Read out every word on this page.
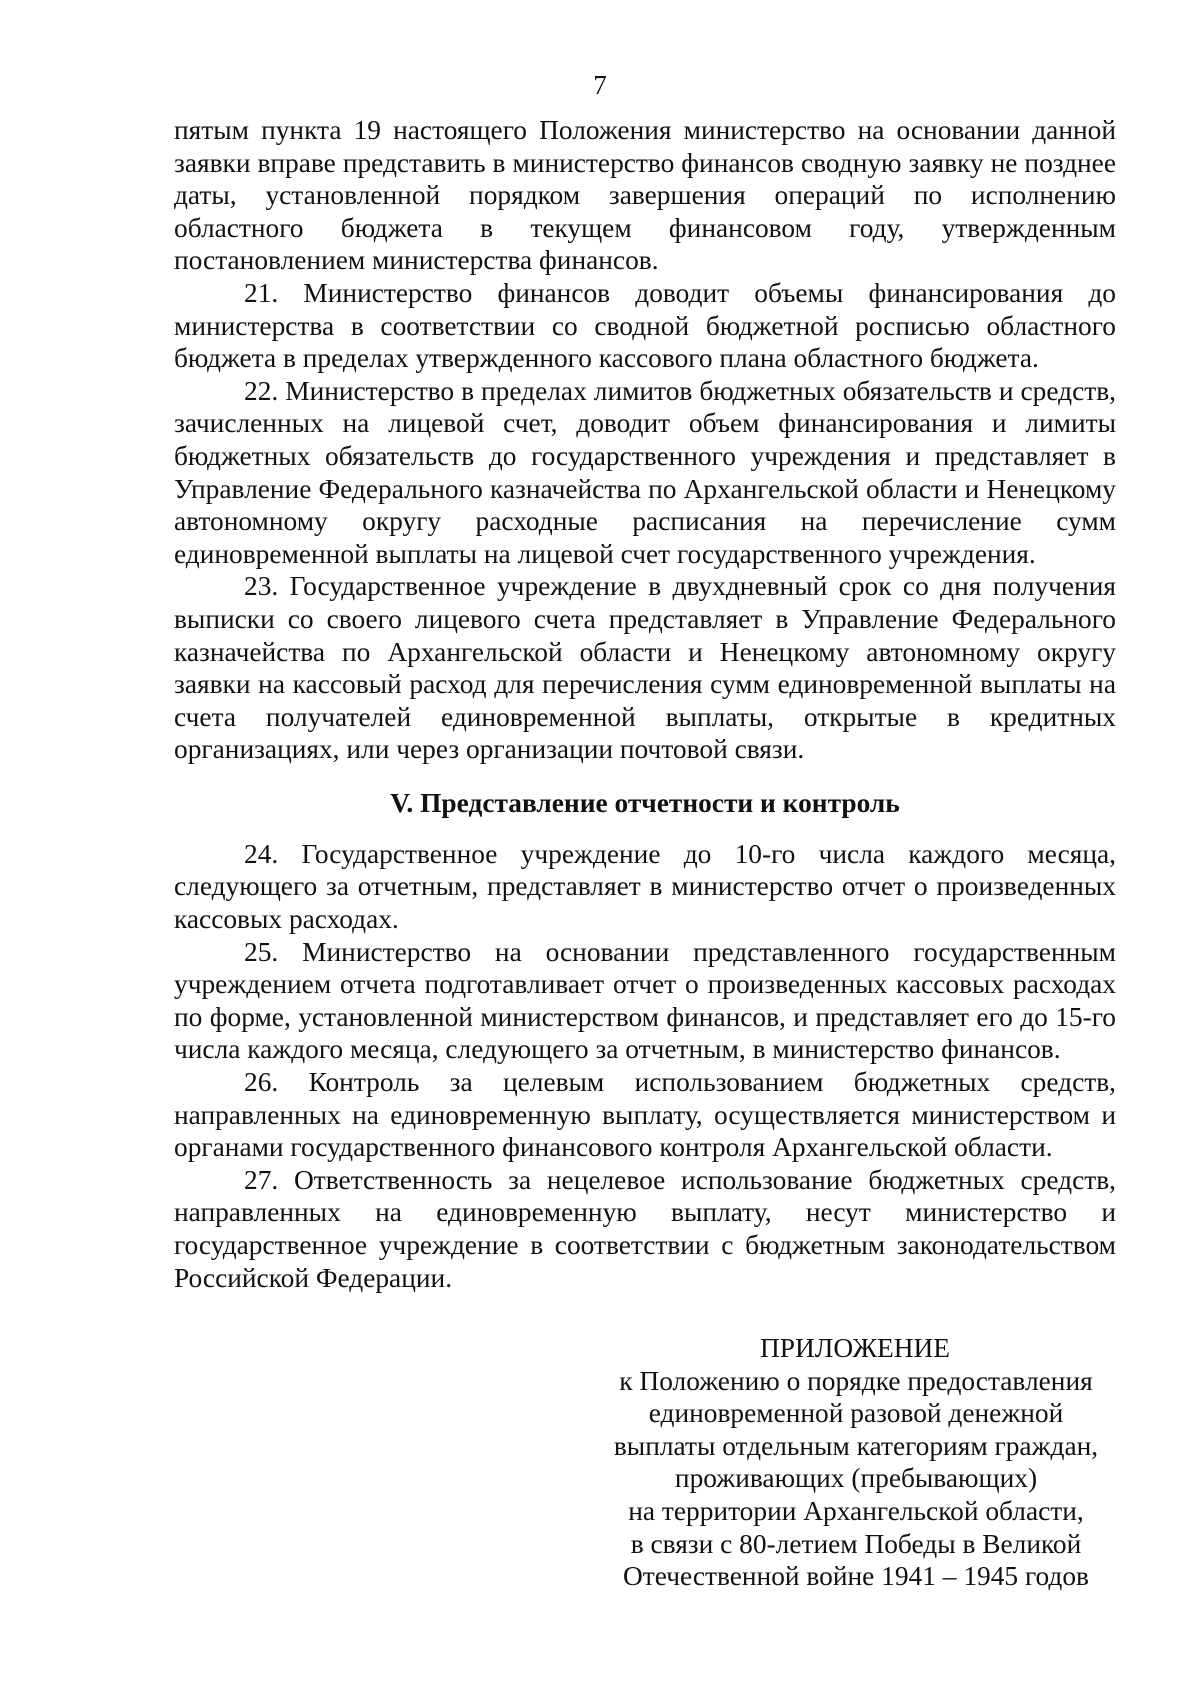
7

пятым пункта 19 настоящего Положения министерство на основании данной заявки вправе представить в министерство финансов сводную заявку не позднее даты, установленной порядком завершения операций по исполнению областного бюджета в текущем финансовом году, утвержденным постановлением министерства финансов.

21. Министерство финансов доводит объемы финансирования до министерства в соответствии со сводной бюджетной росписью областного бюджета в пределах утвержденного кассового плана областного бюджета.

22. Министерство в пределах лимитов бюджетных обязательств и средств, зачисленных на лицевой счет, доводит объем финансирования и лимиты бюджетных обязательств до государственного учреждения и представляет в Управление Федерального казначейства по Архангельской области и Ненецкому автономному округу расходные расписания на перечисление сумм единовременной выплаты на лицевой счет государственного учреждения.

23. Государственное учреждение в двухдневный срок со дня получения выписки со своего лицевого счета представляет в Управление Федерального казначейства по Архангельской области и Ненецкому автономному округу заявки на кассовый расход для перечисления сумм единовременной выплаты на счета получателей единовременной выплаты, открытые в кредитных организациях, или через организации почтовой связи.

V. Представление отчетности и контроль

24. Государственное учреждение до 10-го числа каждого месяца, следующего за отчетным, представляет в министерство отчет о произведенных кассовых расходах.

25. Министерство на основании представленного государственным учреждением отчета подготавливает отчет о произведенных кассовых расходах по форме, установленной министерством финансов, и представляет его до 15-го числа каждого месяца, следующего за отчетным, в министерство финансов.

26. Контроль за целевым использованием бюджетных средств, направленных на единовременную выплату, осуществляется министерством и органами государственного финансового контроля Архангельской области.

27. Ответственность за нецелевое использование бюджетных средств, направленных на единовременную выплату, несут министерство и государственное учреждение в соответствии с бюджетным законодательством Российской Федерации.

ПРИЛОЖЕНИЕ

к Положению о порядке предоставления

единовременной разовой денежной

выплаты отдельным категориям граждан,

проживающих (пребывающих)

на территории Архангельской области,

в связи с 80-летием Победы в Великой

Отечественной войне 1941 – 1945 годов
